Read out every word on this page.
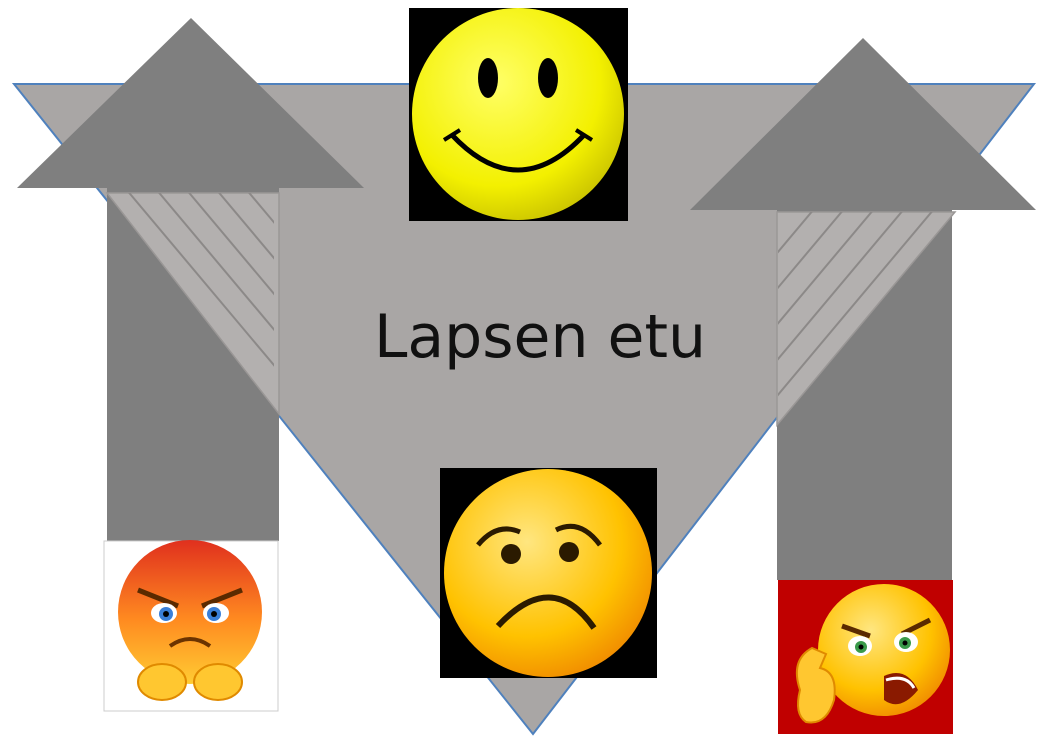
Lapsen etu
